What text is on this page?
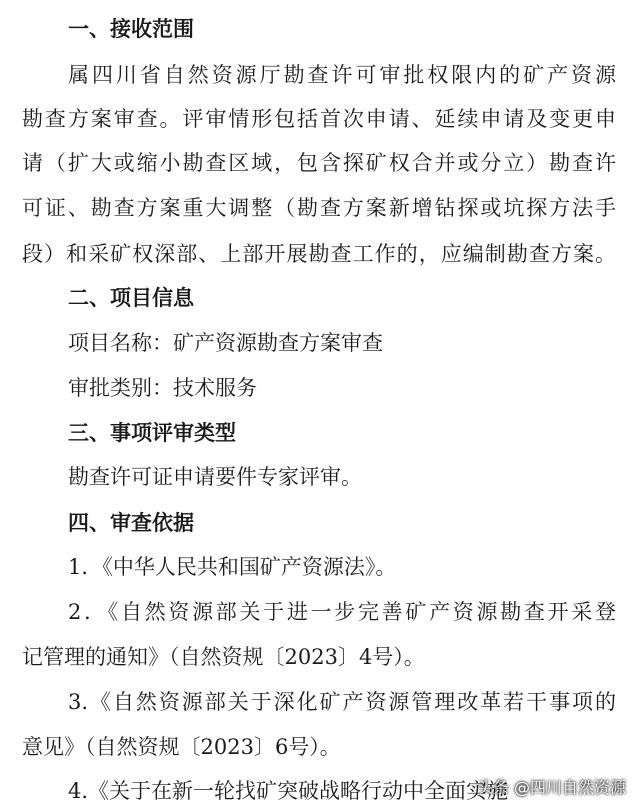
一、接收范围
属四川省自然资源厅勘查许可审批权限内的矿产资源
勘查方案审查。评审情形包括首次申请、延续申请及变更申
请（扩大或缩小勘查区域，包含探矿权合并或分立）勘查许
可证、勘查方案重大调整（勘查方案新增钻探或坑探方法手
段）和采矿权深部、上部开展勘查工作的，应编制勘查方案。
二、项目信息
项目名称：矿产资源勘查方案审查
审批类别：技术服务
三、事项评审类型
勘查许可证申请要件专家评审。
四、审查依据
1．《中华人民共和国矿产资源法》。
2．《自然资源部关于进一步完善矿产资源勘查开采登
记管理的通知》（自然资规〔2023〕4号）。
3.《自然资源部关于深化矿产资源管理改革若干事项的
意见》（自然资规〔2023〕6号）。
4.《关于在新一轮找矿突破战略行动中全面实施
头条 @四川自然资源
